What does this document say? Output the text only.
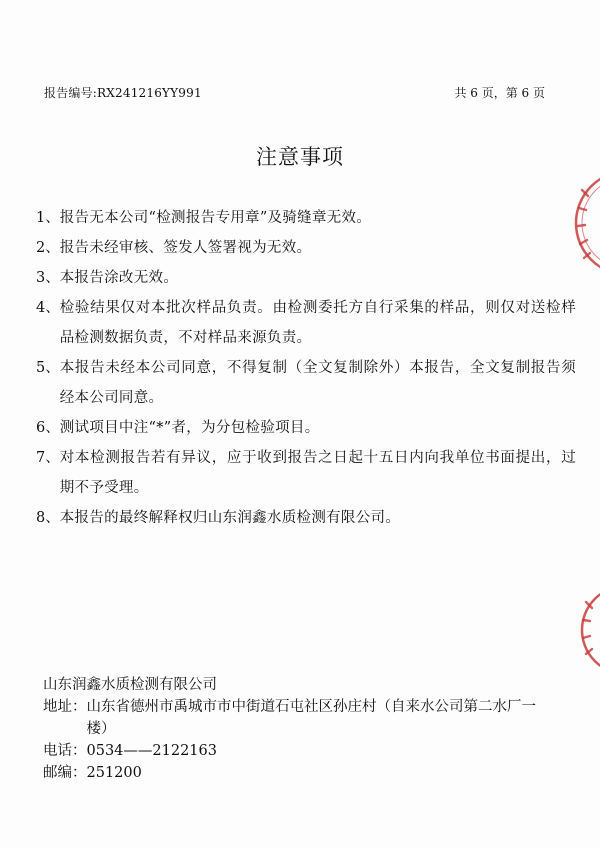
报告编号:RX241216YY991	共 6 页，第 6 页
注意事项
1、 报告无本公司“检测报告专用章”及骑缝章无效。
2、 报告未经审核、签发人签署视为无效。
3、 本报告涂改无效。
4、 检验结果仅对本批次样品负责。由检测委托方自行采集的样品，则仅对送检样品检测数据负责，不对样品来源负责。
5、 本报告未经本公司同意，不得复制（全文复制除外）本报告，全文复制报告须经本公司同意。
6、 测试项目中注“*”者，为分包检验项目。
7、 对本检测报告若有异议，应于收到报告之日起十五日内向我单位书面提出，过期不予受理。
8、 本报告的最终解释权归山东润鑫水质检测有限公司。
山东润鑫水质检测有限公司
地址： 山东省德州市禹城市市中街道石屯社区孙庄村（自来水公司第二水厂一楼）
电话： 0534——2122163
邮编： 251200
